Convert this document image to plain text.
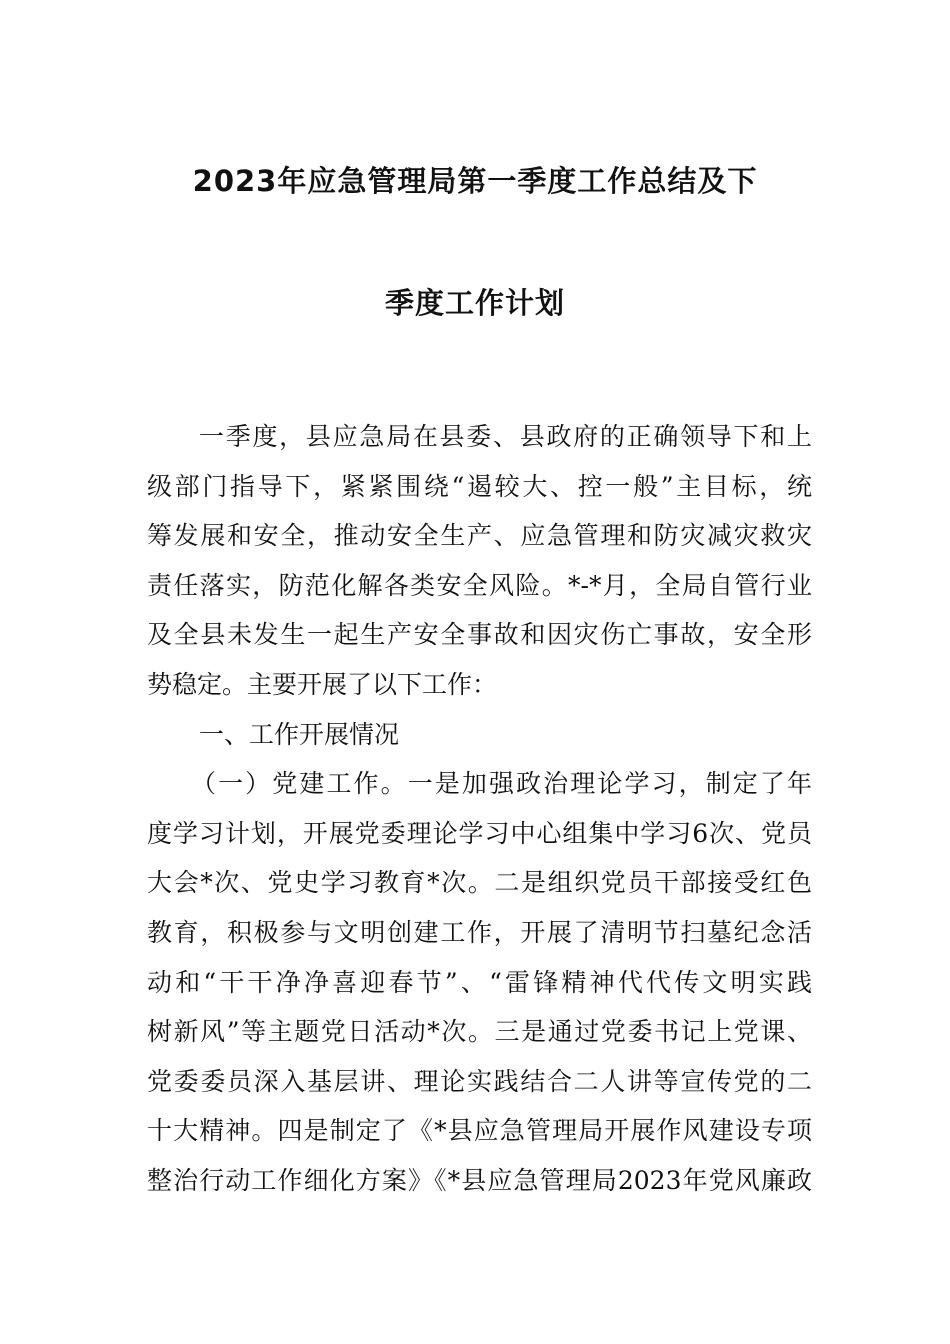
2023年应急管理局第一季度工作总结及下
季度工作计划
一季度，县应急局在县委、县政府的正确领导下和上
级部门指导下，紧紧围绕“遏较大、控一般”主目标，统
筹发展和安全，推动安全生产、应急管理和防灾减灾救灾
责任落实，防范化解各类安全风险。*-*月，全局自管行业
及全县未发生一起生产安全事故和因灾伤亡事故，安全形
势稳定。主要开展了以下工作：
一、工作开展情况
（一）党建工作。一是加强政治理论学习，制定了年
度学习计划，开展党委理论学习中心组集中学习6次、党员
大会*次、党史学习教育*次。二是组织党员干部接受红色
教育，积极参与文明创建工作，开展了清明节扫墓纪念活
动和“干干净净喜迎春节”、“雷锋精神代代传文明实践
树新风”等主题党日活动*次。三是通过党委书记上党课、
党委委员深入基层讲、理论实践结合二人讲等宣传党的二
十大精神。四是制定了《*县应急管理局开展作风建设专项
整治行动工作细化方案》《*县应急管理局2023年党风廉政
